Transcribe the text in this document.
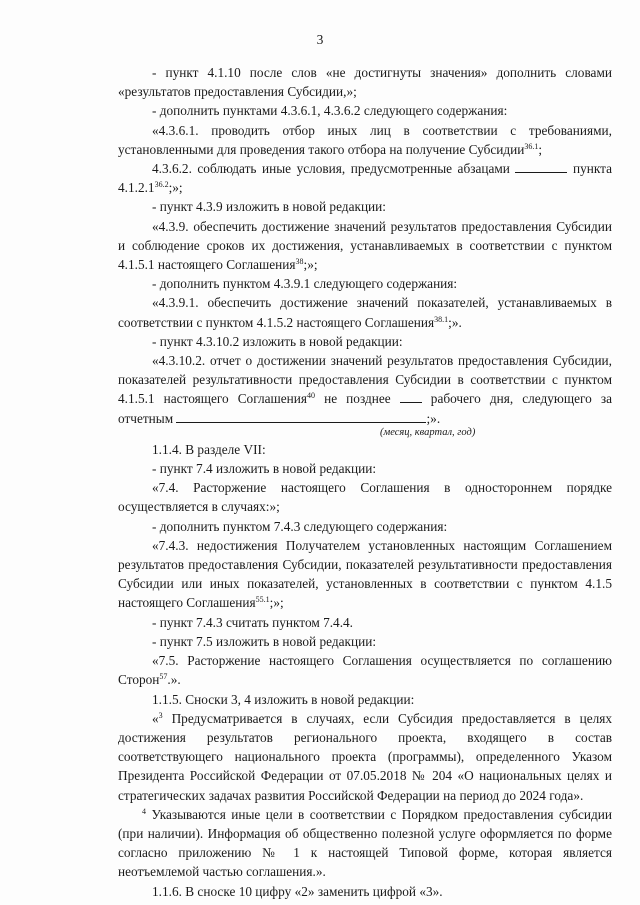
3

- пункт 4.1.10 после слов «не достигнуты значения» дополнить словами «результатов предоставления Субсидии,»;

- дополнить пунктами 4.3.6.1, 4.3.6.2 следующего содержания:

«4.3.6.1. проводить отбор иных лиц в соответствии с требованиями, установленными для проведения такого отбора на получение Субсидии$^{36.1}$;

4.3.6.2. соблюдать иные условия, предусмотренные абзацами	пункта $4.1.2.1^{36.2}$;»;

- пункт 4.3.9 изложить в новой редакции:

«4.3.9. обеспечить достижение значений результатов предоставления Субсидии и соблюдение сроков их достижения, устанавливаемых в соответствии с пунктом 4.1.5.1 настоящего Соглашения$^{38}$;»;

- дополнить пунктом 4.3.9.1 следующего содержания:

«4.3.9.1. обеспечить достижение значений показателей, устанавливаемых в соответствии с пунктом 4.1.5.2 настоящего Соглашения$^{38.1}$;».

- пункт 4.3.10.2 изложить в новой редакции:

«4.3.10.2. отчет о достижении значений результатов предоставления Субсидии, показателей результативности предоставления Субсидии в соответствии с пунктом 4.1.5.1 настоящего Соглашения$^{40}$ не позднее	рабочего дня, следующего за отчетным	;».

(месяц, квартал, год)

1.1.4. В разделе VII:

- пункт 7.4 изложить в новой редакции:

«7.4. Расторжение настоящего Соглашения в одностороннем порядке осуществляется в случаях:»;

- дополнить пунктом 7.4.3 следующего содержания:

«7.4.3. недостижения Получателем установленных настоящим Соглашением результатов предоставления Субсидии, показателей результативности предоставления Субсидии или иных показателей, установленных в соответствии с пунктом 4.1.5 настоящего Соглашения$^{55.1}$;»;

- пункт 7.4.3 считать пунктом 7.4.4.

- пункт 7.5 изложить в новой редакции:

«7.5. Расторжение настоящего Соглашения осуществляется по соглашению Сторон$^{57}$.».

1.1.5. Сноски 3, 4 изложить в новой редакции:

«$^3$ Предусматривается в случаях, если Субсидия предоставляется в целях достижения результатов регионального проекта, входящего в состав соответствующего национального проекта (программы), определенного Указом Президента Российской Федерации от 07.05.2018 № 204 «О национальных целях и стратегических задачах развития Российской Федерации на период до 2024 года».

$^4$ Указываются иные цели в соответствии с Порядком предоставления субсидии (при наличии). Информация об общественно полезной услуге оформляется по форме согласно приложению № 1 к настоящей Типовой форме, которая является неотъемлемой частью соглашения.».

1.1.6. В сноске 10 цифру «2» заменить цифрой «3».
